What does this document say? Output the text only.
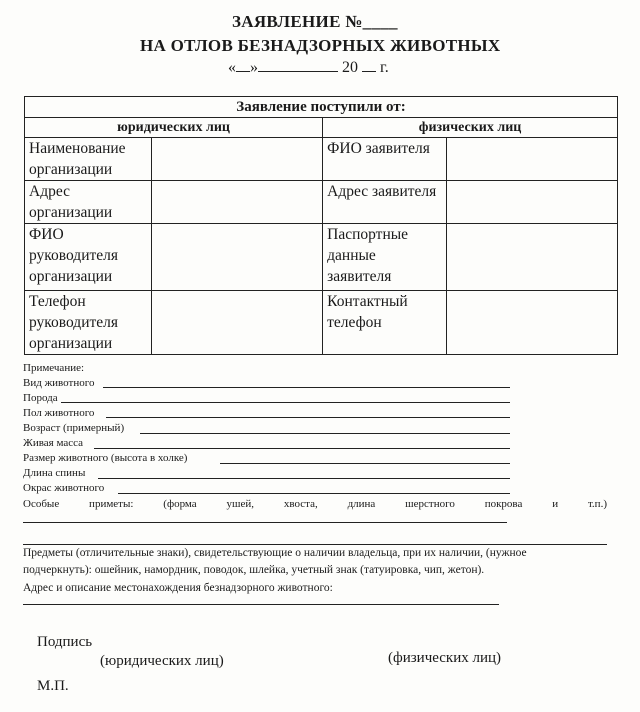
ЗАЯВЛЕНИЕ №____
НА ОТЛОВ БЕЗНАДЗОРНЫХ ЖИВОТНЫХ
« »	20 г.
Заявление поступили от:			
юридических лиц		физических лиц	
Наименование организации		ФИО заявителя	
Адрес организации		Адрес заявителя	
ФИО руководителя организации		Паспортные данные заявителя	
Телефон руководителя организации		Контактный телефон	
Примечание:
Вид животного
Порода
Пол животного
Возраст (примерный)
Живая масса
Размер животного (высота в холке)
Длина спины
Окрас животного
Особые приметы: (форма ушей, хвоста, длина шерстного покрова и т.п.)
Предметы (отличительные знаки), свидетельствующие о наличии владельца, при их наличии, (нужное
подчеркнуть): ошейник, намордник, поводок, шлейка, учетный знак (татуировка, чип, жетон).
Адрес и описание местонахождения безнадзорного животного:
Подпись
(юридических лиц)	(физических лиц)
М.П.
